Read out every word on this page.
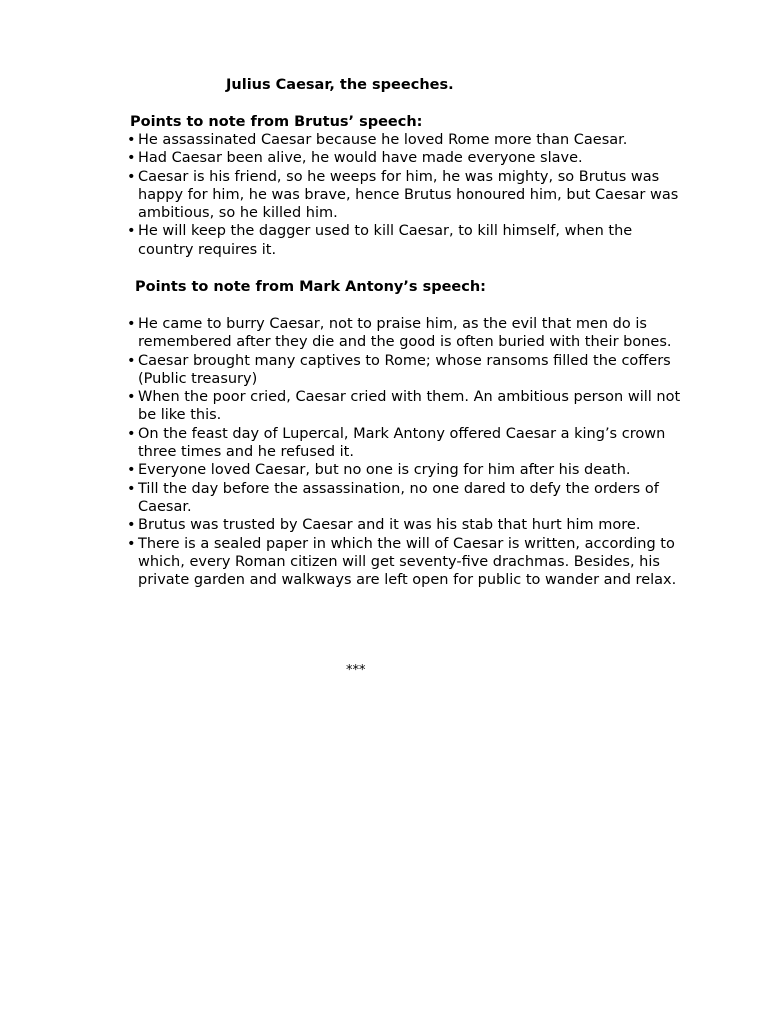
Julius Caesar, the speeches.
Points to note from Brutus’ speech:
• He assassinated Caesar because he loved Rome more than Caesar.
• Had Caesar been alive, he would have made everyone slave.
• Caesar is his friend, so he weeps for him, he was mighty, so Brutus was happy for him, he was brave, hence Brutus honoured him, but Caesar was ambitious, so he killed him.
• He will keep the dagger used to kill Caesar, to kill himself, when the country requires it.
Points to note from Mark Antony’s speech:
• He came to burry Caesar, not to praise him, as the evil that men do is remembered after they die and the good is often buried with their bones.
• Caesar brought many captives to Rome; whose ransoms filled the coffers (Public treasury)
• When the poor cried, Caesar cried with them. An ambitious person will not be like this.
• On the feast day of Lupercal, Mark Antony offered Caesar a king’s crown three times and he refused it.
• Everyone loved Caesar, but no one is crying for him after his death.
• Till the day before the assassination, no one dared to defy the orders of Caesar.
• Brutus was trusted by Caesar and it was his stab that hurt him more.
• There is a sealed paper in which the will of Caesar is written, according to which, every Roman citizen will get seventy-five drachmas. Besides, his private garden and walkways are left open for public to wander and relax.

***
